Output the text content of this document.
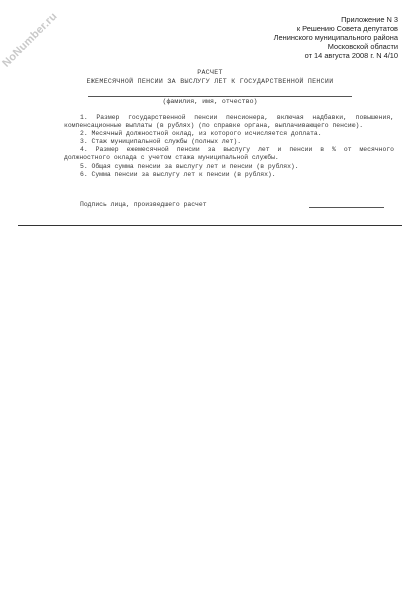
NoNumber.ru	Приложение N 3
к Решению Совета депутатов
Ленинского муниципального района
Московской области
от 14 августа 2008 г. N 4/10
РАСЧЕТ
ЕЖЕМЕСЯЧНОЙ ПЕНСИИ ЗА ВЫСЛУГУ ЛЕТ К ГОСУДАРСТВЕННОЙ ПЕНСИИ
(фамилия, имя, отчество)

1. Размер государственной пенсии пенсионера, включая надбавки, повышения, компенсационные выплаты (в рублях) (по справке органа, выплачивающего пенсию).

2. Месячный должностной оклад, из которого исчисляется доплата.

3. Стаж муниципальной службы (полных лет).

4. Размер ежемесячной пенсии за выслугу лет и пенсии в % от месячного должностного оклада с учетом стажа муниципальной службы.

5. Общая сумма пенсии за выслугу лет и пенсии (в рублях).

6. Сумма пенсии за выслугу лет к пенсии (в рублях).

Подпись лица, произведшего расчет
